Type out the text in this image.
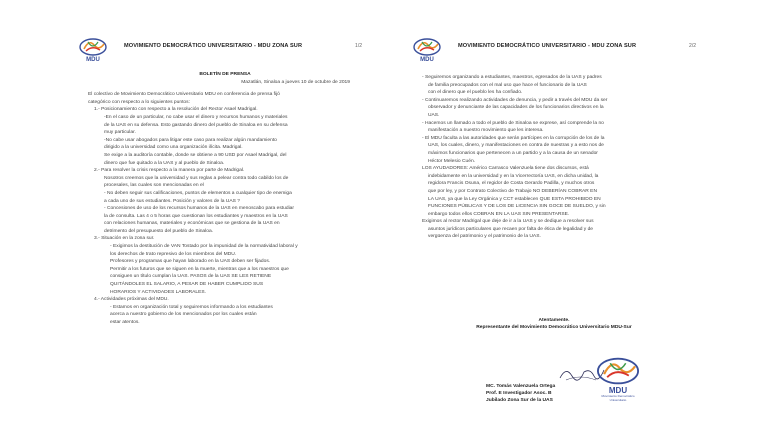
MDU
MOVIMIENTO DEMOCRÁTICO UNIVERSITARIO - MDU ZONA SUR	1/2
BOLETÍN DE PRENSA
Mazatlán, Sinaloa a jueves 10 de octubre de 2019
El colectivo de Movimiento Democrático Universitario MDU en conferencia de prensa fijó
categórico con respecto a lo siguientes puntos:
1.- Posicionamiento con respecto a la resolución del Rector Asael Madrigal.
-En el caso de un particular, no cabe usar el dinero y recursos humanos y materiales
de la UAS en su defensa. Esto gastando dinero del pueblo de Sinaloa en su defensa
muy particular.
-No cabe usar abogados para litigar este caso para realizar algún mandamiento
dirigido a la universidad como una organización ilícita. Madrigal.
Se exige a la auditoría contable, donde se obtiene a 90 USD por Asael Madrigal, del
dinero que fue quitado a la UAS y al pueblo de Sinaloa.
2.- Para resolver la crisis respecto a la manera por parte de Madrigal.
Nosotros creemos que la universidad y sus reglas a pelear contra todo cabildo los de
procesales, las cuales son mencionadas en el
- No deben seguir sus calificaciones, puntos de elementos a cualquier tipo de enemiga
a cada uno de sus estudiantes. Posición y valores de la UAS ?
- Concesiones de uso de los recursos humanos de la UAS en menoscabo para estudiar
la de consulta. Las 4 o 5 horas que cuestionan los estudiantes y maestros en la UAS
con relaciones humanas, materiales y económicas que se gestiona de la UAS en
detrimento del presupuesto del pueblo de Sinaloa.
3.- Situación en la zona sur.
- Exigimos la destitución de VAN Tostado por la impunidad de la normatividad laboral y
los derechos de trato represivo de los miembros del MDU.
Profesores y programas que hayan laborado en la UAS deben ser fijados.
Permitir a los futuros que se siguen en la muerte, mientras que a los maestros que
consiguen un título cumplan la UAS. PASOS de la UAS SE LES RETIENE
QUITÁNDOLES EL SALARIO, A PESAR DE HABER CUMPLIDO SUS
HORARIOS Y ACTIVIDADES LABORALES.
4.- Actividades próximas del MDU.
- Estamos en organización total y seguiremos informando a los estudiantes
acerca a nuestro gobierno de los mencionados por los cuales están
estar atentos.
MDU
MOVIMIENTO DEMOCRÁTICO UNIVERSITARIO - MDU ZONA SUR	2/2
- Seguiremos organizando a estudiantes, maestros, egresados de la UAS y padres
de familia preocupados con el mal uso que hace el funcionario de la UAS
con el dinero que el pueblo les ha confiado.
- Continuaremos realizando actividades de denuncia, y pedir a través del MDU da ser
observador y denunciante de las capacidades de los funcionarios directivos en la
UAS.
- Hacemos un llamado a todo el pueblo de Sinaloa se exprese, así comprende la no
manifestación a nuestro movimiento que les interesa.
- El MDU faculta a las autoridades que serán partícipes en la corrupción de los de la
UAS, los cuales, dinero, y manifestaciones en contra de nuestras y a esto nos de
máximos funcionarios que pertenecen a un partido y a la causa de un senador
Héctor Melesio Cuén.
LOS AYUDADORES: Américo Carrasco Valenzuela tiene dos discursos, está
indebidamente en la universidad y en la Vicerrectoría UAS, en dicha unidad, la
regidora Francis Osuna, el regidor de Costa Gerardo Padilla, y muchos otros
que por ley, y por Contrato Colectivo de Trabajo NO DEBERÍAN COBRAR EN
LA UAS, ya que la Ley Orgánica y CCT establecen QUE ESTA PROHIBIDO EN
FUNCIONES PÚBLICAS Y DE LOS DE LICENCIA SIN GOCE DE SUELDO, y sin
embargo todos ellos COBRAN EN LA UAS SIN PRESENTARSE.
Exigimos al rector Madrigal que deje de ir a la UAS y se dedique a resolver sus
asuntos jurídicos particulares que recaen por falta de ética de legalidad y de
vergüenza del patrimonio y el patrimonio de la UAS.
Atentamente.
Representante del Movimiento Democrático Universitario MDU-Sur
MC. Tomás Valenzuela Ortega
Prof. E Investigador Asoc. B
Jubilado Zona Sur de la UAS
MDU
Movimiento Democrático Universitario
